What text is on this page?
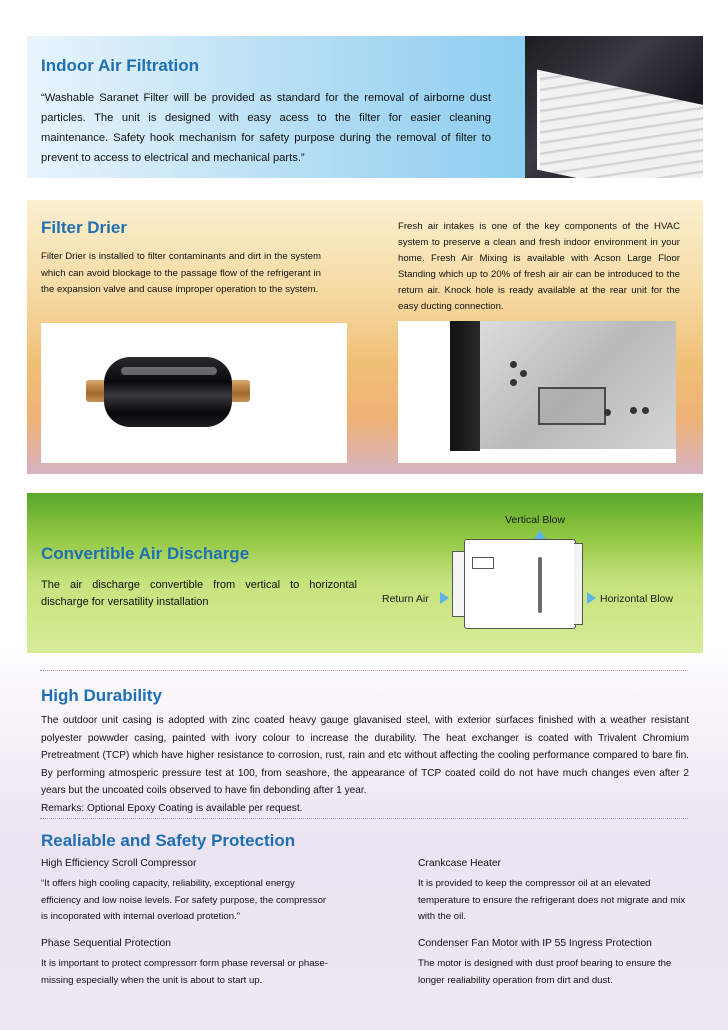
Indoor Air Filtration
“Washable Saranet Filter will be provided as standard for the removal of airborne dust particles. The unit is designed with easy acess to the filter for easier cleaning maintenance. Safety hook mechanism for safety purpose during the removal of filter to prevent to access to electrical and mechanical parts.”
Filter Drier
Filter Drier is installed to filter contaminants and dirt in the system which can avoid blockage to the passage flow of the refrigerant in the expansion valve and cause improper operation to the system.
Fresh air intakes is one of the key components of the HVAC system to preserve a clean and fresh indoor environment in your home. Fresh Air Mixing is available with Acson Large Floor Standing which up to 20% of fresh air air can be introduced to the return air. Knock hole is ready available at the rear unit for the easy ducting connection.
Convertible Air Discharge
The air discharge convertible from vertical to horizontal discharge for versatility installation
Vertical Blow
Return Air	Horizontal Blow
High Durability
The outdoor unit casing is adopted with zinc coated heavy gauge glavanised steel, with exterior surfaces finished with a weather resistant polyester powwder casing, painted with ivory colour to increase the durability. The heat exchanger is coated with Trivalent Chromium Pretreatment (TCP) which have higher resistance to corrosion, rust, rain and etc without affecting the cooling performance compared to bare fin. By performing atmosperic pressure test at 100, from seashore, the appearance of TCP coated coild do not have much changes even after 2 years but the uncoated coils observed to have fin debonding after 1 year.
Remarks: Optional Epoxy Coating is available per request.
Realiable and Safety Protection
High Efficiency Scroll Compressor
“It offers high cooling capacity, reliability, exceptional energy efficiency and low noise levels. For safety purpose, the compressor is incoporated with internal overload protetion.”
Crankcase Heater
It is provided to keep the compressor oil at an elevated temperature to ensure the refrigerant does not migrate and mix with the oil.
Phase Sequential Protection
It is important to protect compressorr form phase reversal or phase-missing especially when the unit is about to start up.
Condenser Fan Motor with IP 55 Ingress Protection
The motor is designed with dust proof bearing to ensure the longer realiability operation from dirt and dust.
